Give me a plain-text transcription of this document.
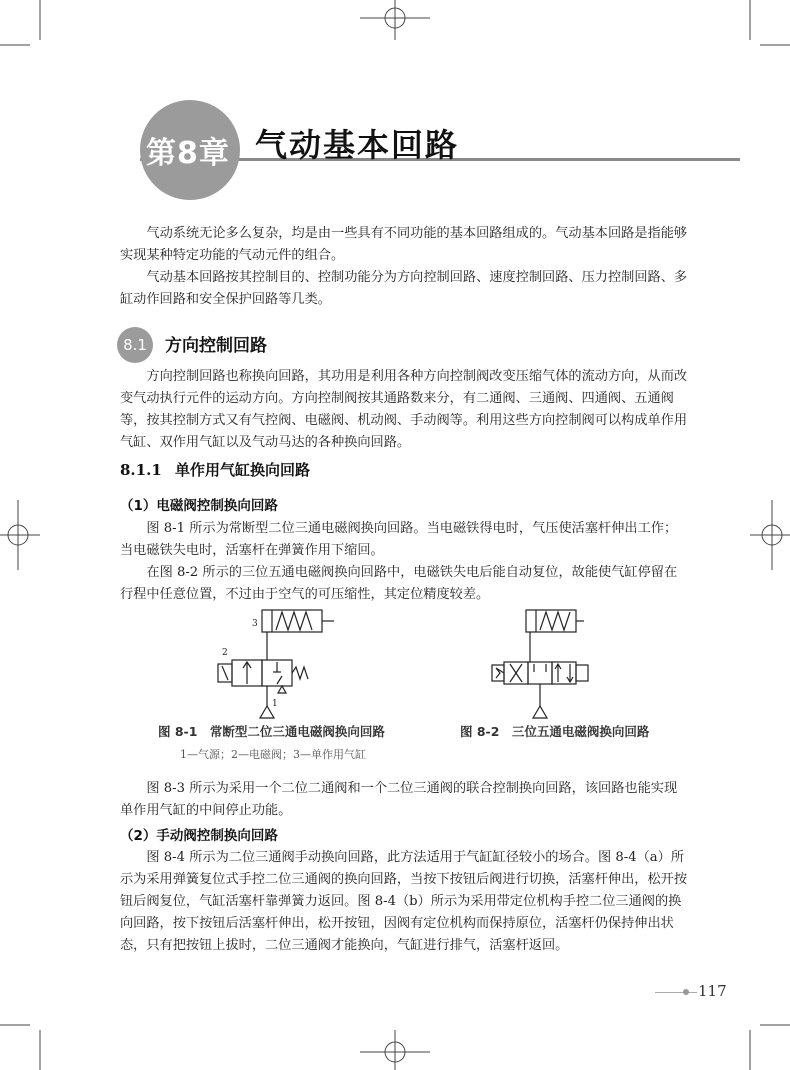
第8章 气动基本回路

气动系统无论多么复杂，均是由一些具有不同功能的基本回路组成的。气动基本回路是指能够实现某种特定功能的气动元件的组合。

气动基本回路按其控制目的、控制功能分为方向控制回路、速度控制回路、压力控制回路、多缸动作回路和安全保护回路等几类。

8.1	方向控制回路

方向控制回路也称换向回路，其功用是利用各种方向控制阀改变压缩气体的流动方向，从而改变气动执行元件的运动方向。方向控制阀按其通路数来分，有二通阀、三通阀、四通阀、五通阀等，按其控制方式又有气控阀、电磁阀、机动阀、手动阀等。利用这些方向控制阀可以构成单作用气缸、双作用气缸以及气动马达的各种换向回路。

8.1.1 单作用气缸换向回路
（1）电磁阀控制换向回路

图 8-1 所示为常断型二位三通电磁阀换向回路。当电磁铁得电时，气压使活塞杆伸出工作；当电磁铁失电时，活塞杆在弹簧作用下缩回。

在图 8-2 所示的三位五通电磁阀换向回路中，电磁铁失电后能自动复位，故能使气缸停留在行程中任意位置，不过由于空气的可压缩性，其定位精度较差。

3
2
1
图 8-1　常断型二位三通电磁阀换向回路
1—气源；2—电磁阀；3—单作用气缸
图 8-2　三位五通电磁阀换向回路

图 8-3 所示为采用一个二位二通阀和一个二位三通阀的联合控制换向回路，该回路也能实现单作用气缸的中间停止功能。

（2）手动阀控制换向回路

图 8-4 所示为二位三通阀手动换向回路，此方法适用于气缸缸径较小的场合。图 8-4（a）所示为采用弹簧复位式手控二位三通阀的换向回路，当按下按钮后阀进行切换，活塞杆伸出，松开按钮后阀复位，气缸活塞杆靠弹簧力返回。图 8-4（b）所示为采用带定位机构手控二位三通阀的换向回路，按下按钮后活塞杆伸出，松开按钮，因阀有定位机构而保持原位，活塞杆仍保持伸出状态，只有把按钮上拔时，二位三通阀才能换向，气缸进行排气，活塞杆返回。

117
